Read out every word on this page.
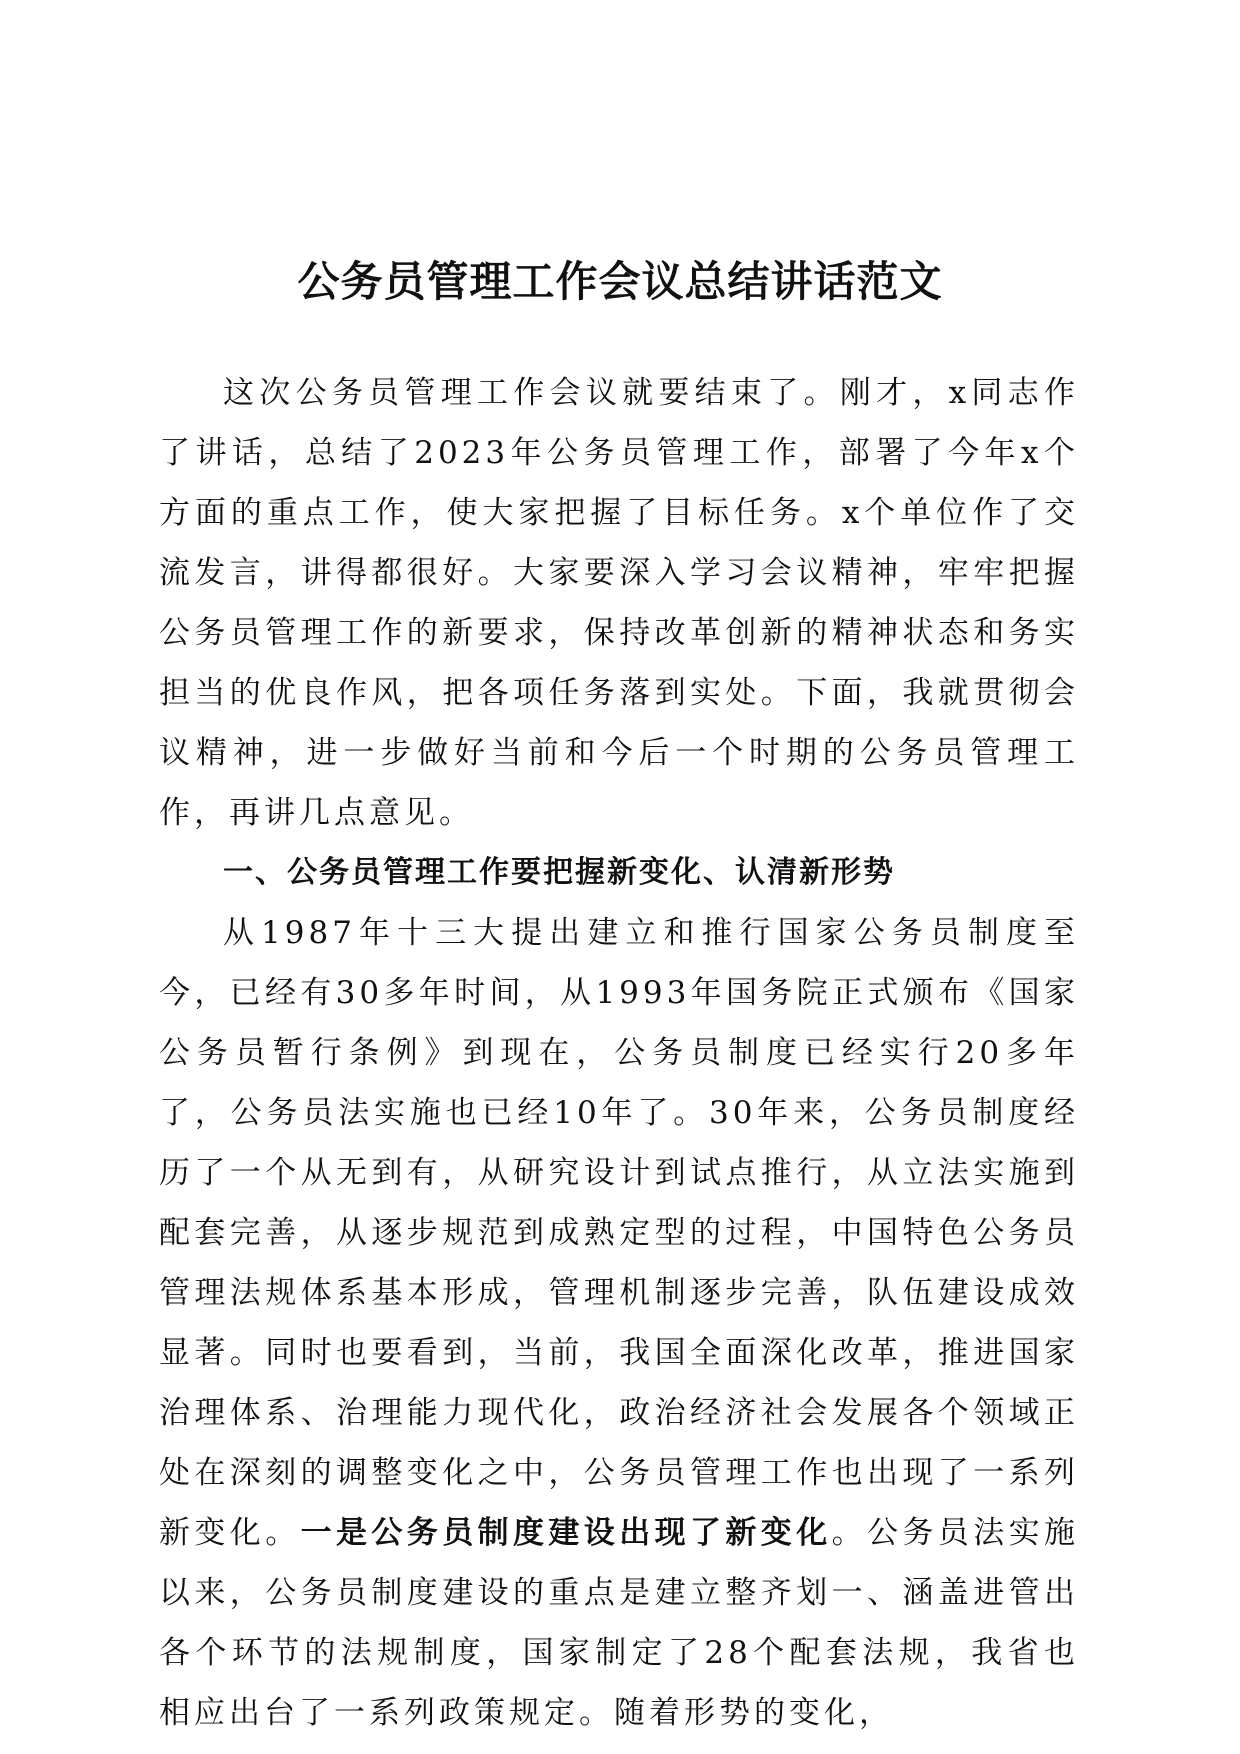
公务员管理工作会议总结讲话范文

这次公务员管理工作会议就要结束了。刚才，x同志作了讲话，总结了2023年公务员管理工作，部署了今年x个方面的重点工作，使大家把握了目标任务。x个单位作了交流发言，讲得都很好。大家要深入学习会议精神，牢牢把握公务员管理工作的新要求，保持改革创新的精神状态和务实担当的优良作风，把各项任务落到实处。下面，我就贯彻会议精神，进一步做好当前和今后一个时期的公务员管理工作，再讲几点意见。

一、公务员管理工作要把握新变化、认清新形势

从1987年十三大提出建立和推行国家公务员制度至今，已经有30多年时间，从1993年国务院正式颁布《国家公务员暂行条例》到现在，公务员制度已经实行20多年了，公务员法实施也已经10年了。30年来，公务员制度经历了一个从无到有，从研究设计到试点推行，从立法实施到配套完善，从逐步规范到成熟定型的过程，中国特色公务员管理法规体系基本形成，管理机制逐步完善，队伍建设成效显著。同时也要看到，当前，我国全面深化改革，推进国家治理体系、治理能力现代化，政治经济社会发展各个领域正处在深刻的调整变化之中，公务员管理工作也出现了一系列新变化。一是公务员制度建设出现了新变化。公务员法实施以来，公务员制度建设的重点是建立整齐划一、涵盖进管出各个环节的法规制度，国家制定了28个配套法规，我省也相应出台了一系列政策规定。随着形势的变化，
